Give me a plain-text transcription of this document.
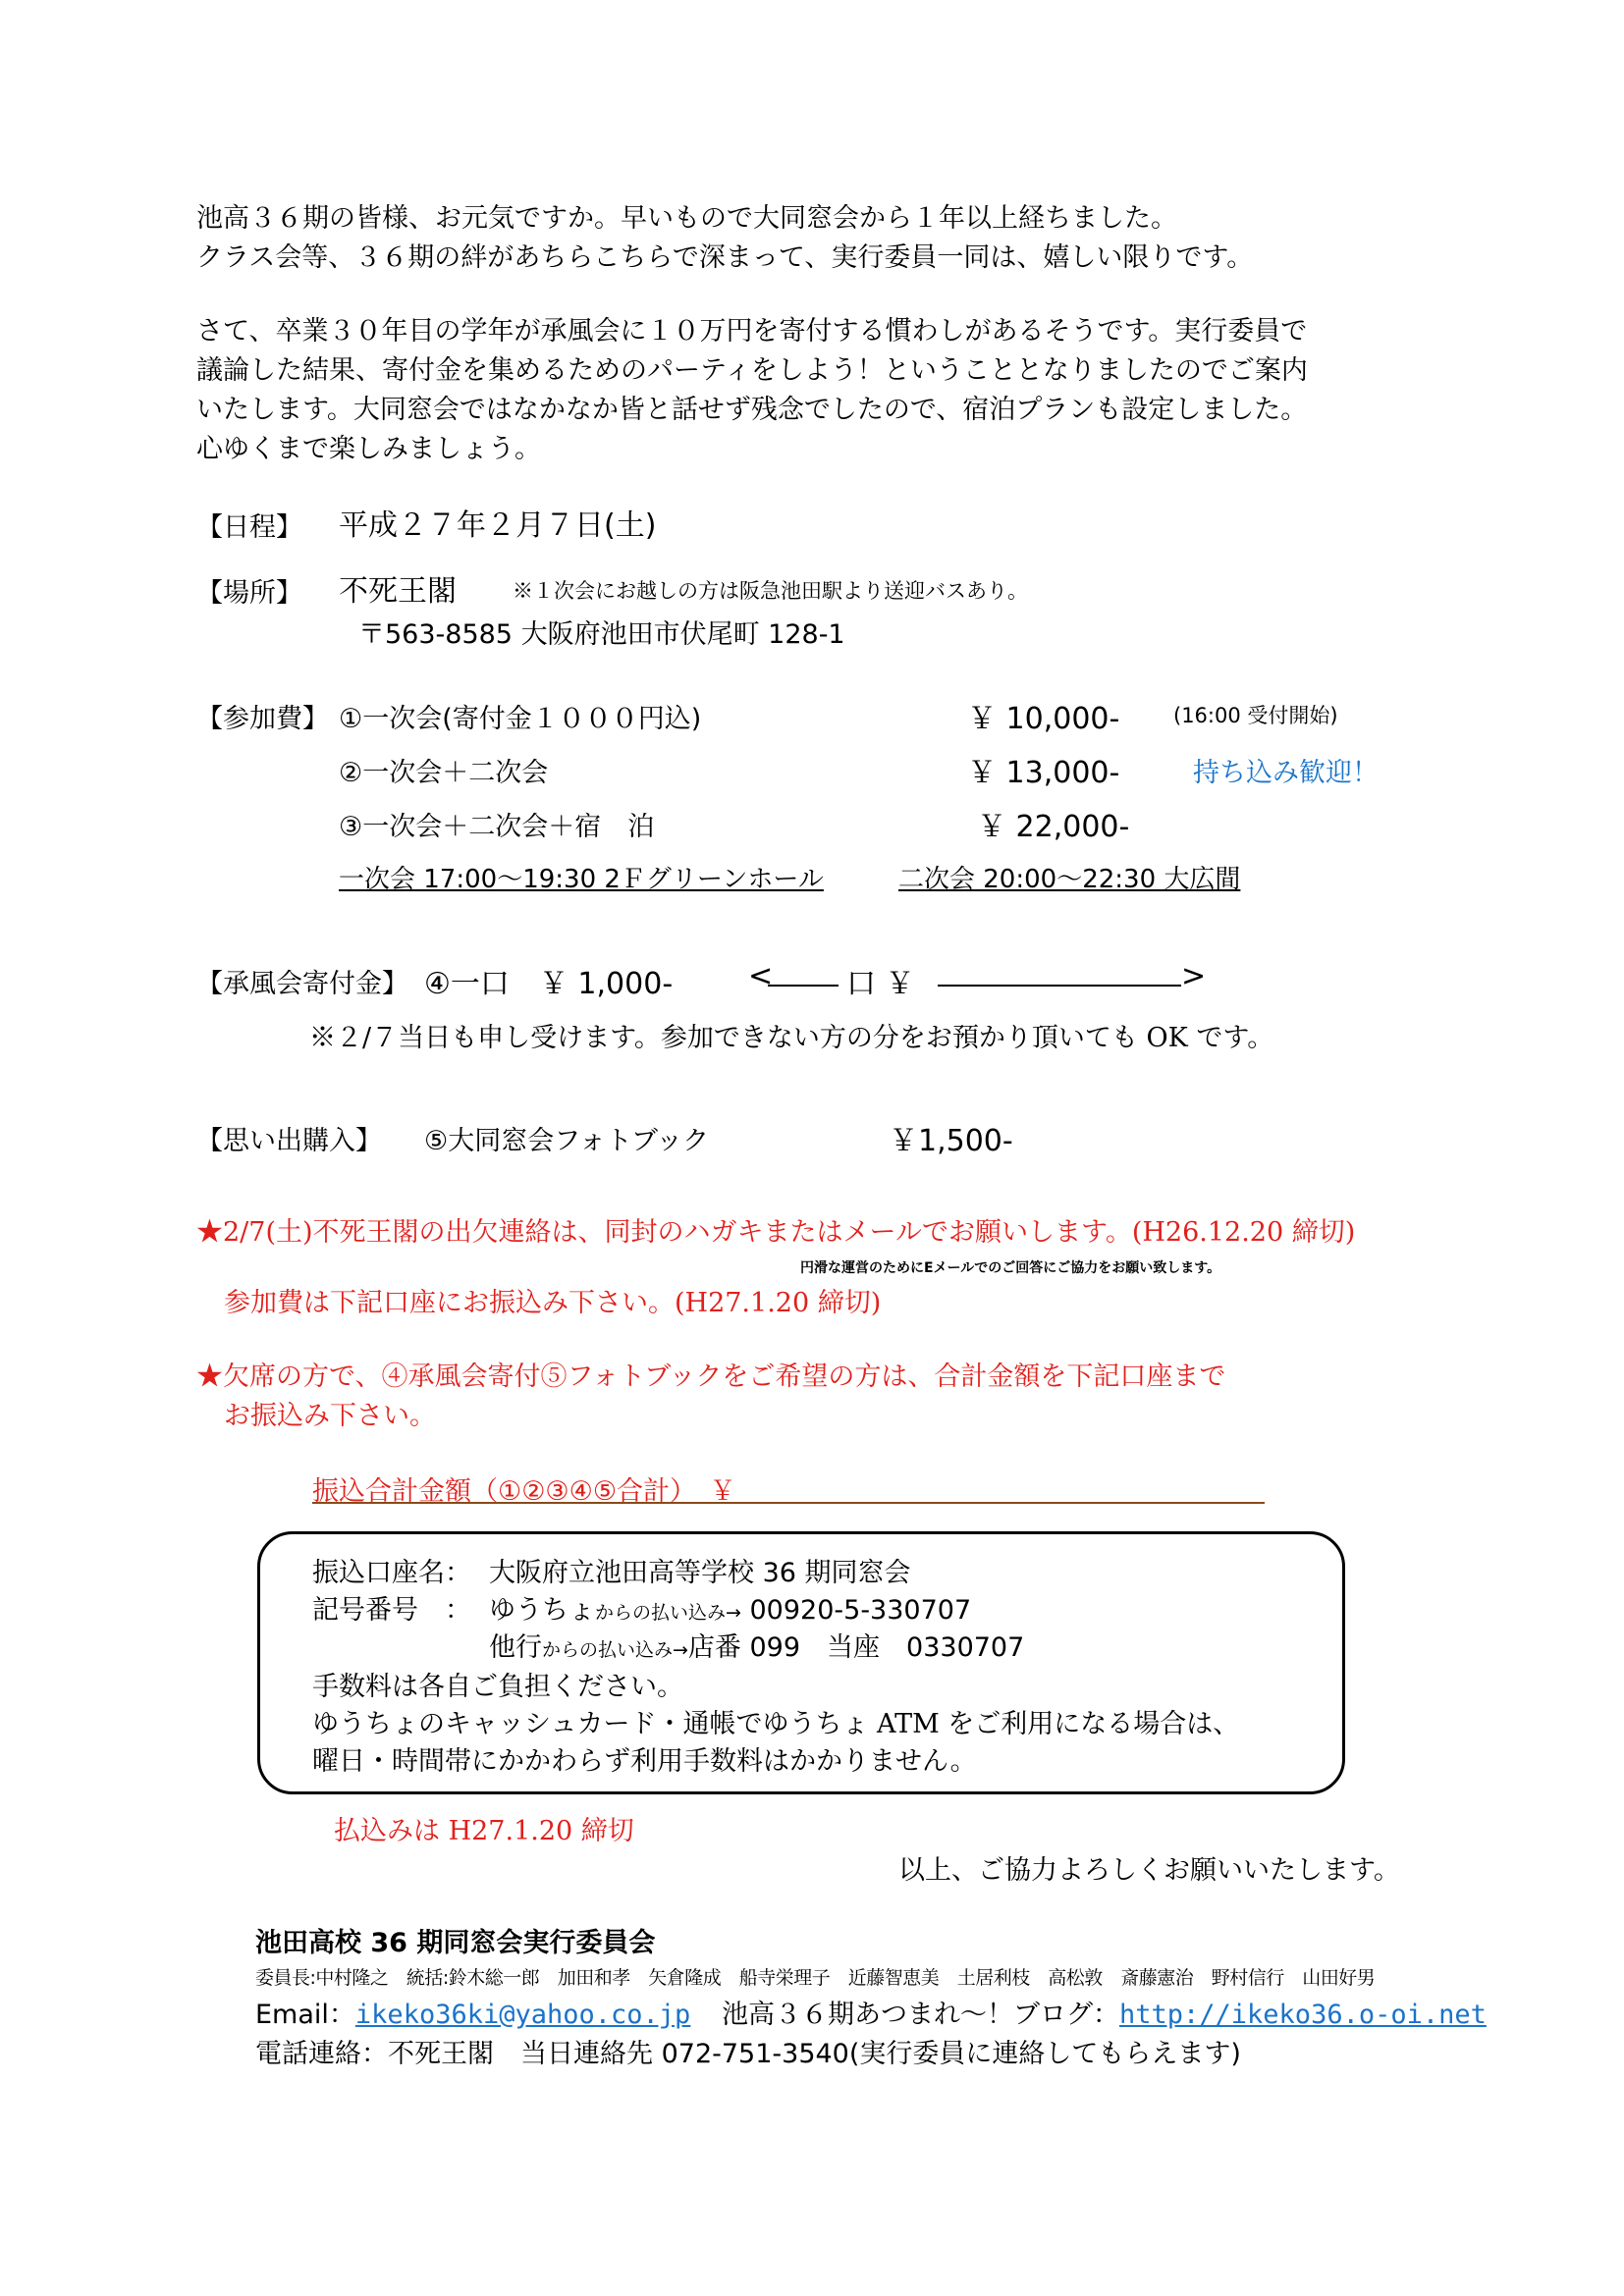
池高３６期の皆様、お元気ですか。早いもので大同窓会から１年以上経ちました。
クラス会等、３６期の絆があちらこちらで深まって、実行委員一同は、嬉しい限りです。
さて、卒業３０年目の学年が承風会に１０万円を寄付する慣わしがあるそうです。実行委員で
議論した結果、寄付金を集めるためのパーティをしよう！ということとなりましたのでご案内
いたします。大同窓会ではなかなか皆と話せず残念でしたので、宿泊プランも設定しました。
心ゆくまで楽しみましょう。
【日程】 平成２７年２月７日(土)
【場所】 不死王閣	※１次会にお越しの方は阪急池田駅より送迎バスあり。
〒563-8585 大阪府池田市伏尾町 128-1
【参加費】 ①一次会(寄付金１０００円込)	￥ 10,000-	(16:00 受付開始)
②一次会＋二次会	￥ 13,000-	持ち込み歓迎！
③一次会＋二次会＋宿　泊	￥ 22,000-
一次会 17:00～19:30 2Ｆグリーンホール	二次会 20:00～22:30 大広間
【承風会寄付金】 ④一口　￥ 1,000-	< 口 ￥	>
※２/７当日も申し受けます。参加できない方の分をお預かり頂いても OK です。
【思い出購入】 ⑤大同窓会フォトブック	￥1,500-
★2/7(土)不死王閣の出欠連絡は、同封のハガキまたはメールでお願いします。(H26.12.20 締切)
円滑な運営のためにEメールでのご回答にご協力をお願い致します。
参加費は下記口座にお振込み下さい。(H27.1.20 締切)
★欠席の方で、④承風会寄付⑤フォトブックをご希望の方は、合計金額を下記口座まで
お振込み下さい。
振込合計金額（①②③④⑤合計）　￥
振込口座名： 大阪府立池田高等学校 36 期同窓会
記号番号　： ゆうちょからの払い込み→ 00920-5-330707
他行からの払い込み→店番 099　当座　0330707
手数料は各自ご負担ください。
ゆうちょのキャッシュカード・通帳でゆうちょ ATM をご利用になる場合は、
曜日・時間帯にかかわらず利用手数料はかかりません。
払込みは H27.1.20 締切
以上、ご協力よろしくお願いいたします。
池田高校 36 期同窓会実行委員会
委員長:中村隆之　統括:鈴木総一郎　加田和孝　矢倉隆成　船寺栄理子　近藤智恵美　土居利枝　高松敦　斎藤憲治　野村信行　山田好男
Email：ikeko36ki@yahoo.co.jp 池高３６期あつまれ～！ブログ：http://ikeko36.o-oi.net
電話連絡：不死王閣　当日連絡先 072-751-3540(実行委員に連絡してもらえます)
